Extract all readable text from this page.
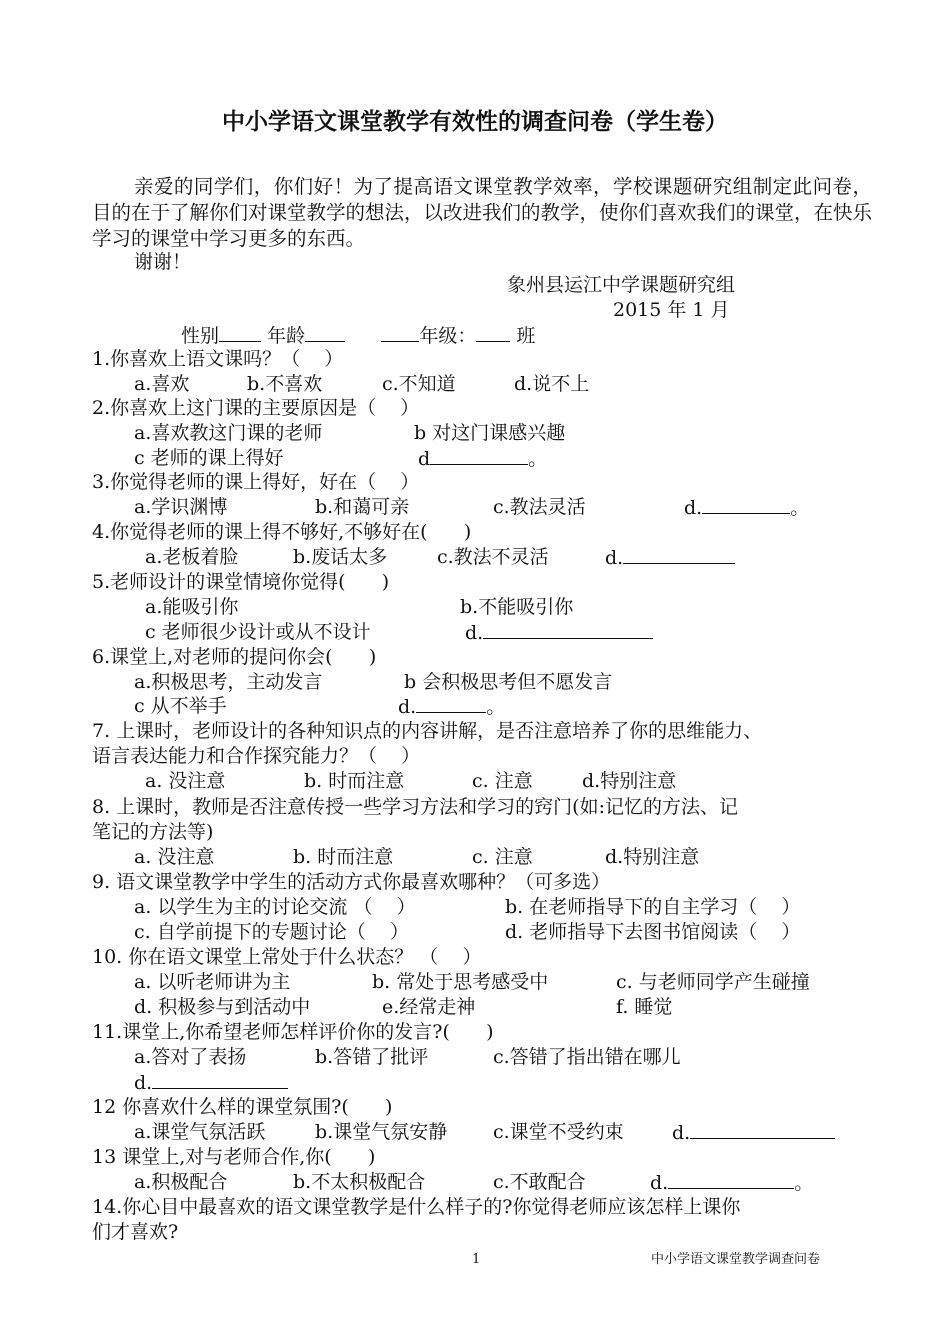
中小学语文课堂教学有效性的调查问卷（学生卷）
亲爱的同学们，你们好！为了提高语文课堂教学效率，学校课题研究组制定此问卷，目的在于了解你们对课堂教学的想法，以改进我们的教学，使你们喜欢我们的课堂，在快乐学习的课堂中学习更多的东西。
谢谢！
象州县运江中学课题研究组
2015 年 1 月
性别	年龄	年级： 班
1.你喜欢上语文课吗？（    ）
a.喜欢	b.不喜欢	c.不知道	d.说不上
2.你喜欢上这门课的主要原因是（    ）
a.喜欢教这门课的老师	b 对这门课感兴趣
c 老师的课上得好	d	。
3.你觉得老师的课上得好，好在（    ）
a.学识渊博	b.和蔼可亲	c.教法灵活	d.	。
4.你觉得老师的课上得不够好,不够好在(      )
a.老板着脸	b.废话太多	c.教法不灵活	d.
5.老师设计的课堂情境你觉得(      )
a.能吸引你	b.不能吸引你
c 老师很少设计或从不设计	d.
6.课堂上,对老师的提问你会(      )
a.积极思考，主动发言	b 会积极思考但不愿发言
c 从不举手	d.	。
7. 上课时，老师设计的各种知识点的内容讲解，是否注意培养了你的思维能力、
语言表达能力和合作探究能力？（    ）
a. 没注意	b. 时而注意	c. 注意	d.特别注意
8. 上课时，教师是否注意传授一些学习方法和学习的窍门(如:记忆的方法、记
笔记的方法等)
a. 没注意	b. 时而注意	c. 注意	d.特别注意
9. 语文课堂教学中学生的活动方式你最喜欢哪种？（可多选）
a. 以学生为主的讨论交流 （    ）	b. 在老师指导下的自主学习（    ）
c. 自学前提下的专题讨论（    ）	d. 老师指导下去图书馆阅读（    ）
10. 你在语文课堂上常处于什么状态？ （    ）
a. 以听老师讲为主	b. 常处于思考感受中	c. 与老师同学产生碰撞
d. 积极参与到活动中	e.经常走神	f. 睡觉
11.课堂上,你希望老师怎样评价你的发言?(      )
a.答对了表扬	b.答错了批评	c.答错了指出错在哪儿
d.
12 你喜欢什么样的课堂氛围?(      )
a.课堂气氛活跃	b.课堂气氛安静 c.课堂不受约束	d.
13 课堂上,对与老师合作,你(      )
a.积极配合	b.不太积极配合	c.不敢配合	d.	。
14.你心目中最喜欢的语文课堂教学是什么样子的?你觉得老师应该怎样上课你
们才喜欢?
1	中小学语文课堂教学调查问卷
